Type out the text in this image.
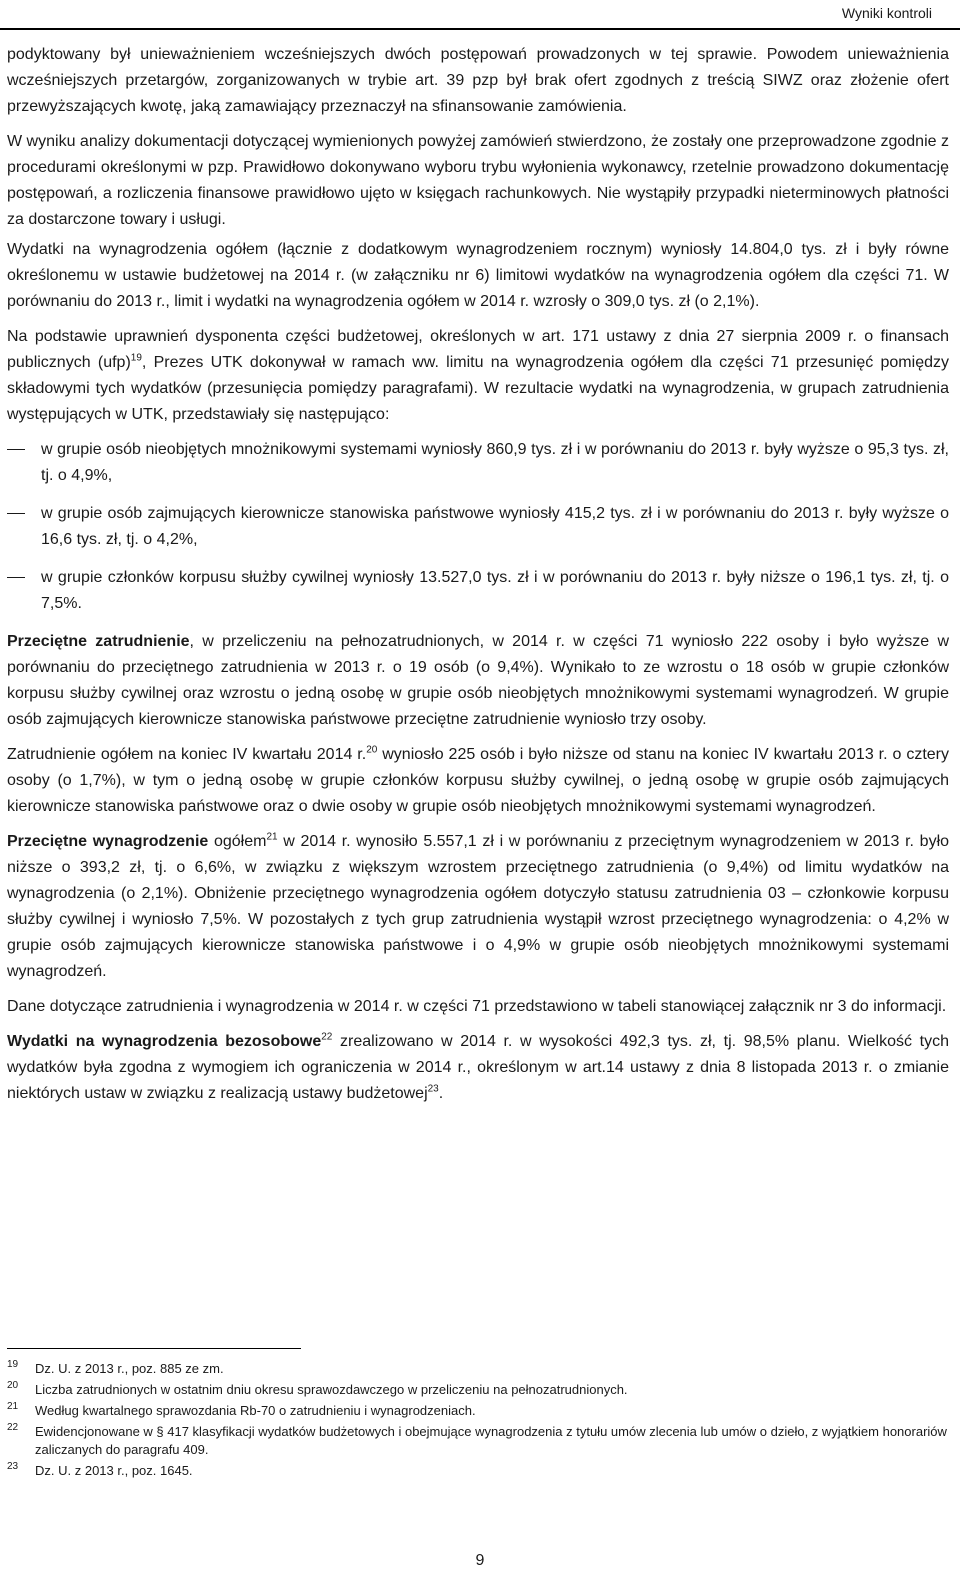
Wyniki kontroli

podyktowany był unieważnieniem wcześniejszych dwóch postępowań prowadzonych w tej sprawie. Powodem unieważnienia wcześniejszych przetargów, zorganizowanych w trybie art. 39 pzp był brak ofert zgodnych z treścią SIWZ oraz złożenie ofert przewyższających kwotę, jaką zamawiający przeznaczył na sfinansowanie zamówienia.

W wyniku analizy dokumentacji dotyczącej wymienionych powyżej zamówień stwierdzono, że zostały one przeprowadzone zgodnie z procedurami określonymi w pzp. Prawidłowo dokonywano wyboru trybu wyłonienia wykonawcy, rzetelnie prowadzono dokumentację postępowań, a rozliczenia finansowe prawidłowo ujęto w księgach rachunkowych. Nie wystąpiły przypadki nieterminowych płatności za dostarczone towary i usługi.

Wydatki na wynagrodzenia ogółem (łącznie z dodatkowym wynagrodzeniem rocznym) wyniosły 14.804,0 tys. zł i były równe określonemu w ustawie budżetowej na 2014 r. (w załączniku nr 6) limitowi wydatków na wynagrodzenia ogółem dla części 71. W porównaniu do 2013 r., limit i wydatki na wynagrodzenia ogółem w 2014 r. wzrosły o 309,0 tys. zł (o 2,1%).

Na podstawie uprawnień dysponenta części budżetowej, określonych w art. 171 ustawy z dnia 27 sierpnia 2009 r. o finansach publicznych (ufp)$^{19}$, Prezes UTK dokonywał w ramach ww. limitu na wynagrodzenia ogółem dla części 71 przesunięć pomiędzy składowymi tych wydatków (przesunięcia pomiędzy paragrafami). W rezultacie wydatki na wynagrodzenia, w grupach zatrudnienia występujących w UTK, przedstawiały się następująco:

w grupie osób nieobjętych mnożnikowymi systemami wyniosły 860,9 tys. zł i w porównaniu do 2013 r. były wyższe o 95,3 tys. zł, tj. o 4,9%,
w grupie osób zajmujących kierownicze stanowiska państwowe wyniosły 415,2 tys. zł i w porównaniu do 2013 r. były wyższe o 16,6 tys. zł, tj. o 4,2%,
w grupie członków korpusu służby cywilnej wyniosły 13.527,0 tys. zł i w porównaniu do 2013 r. były niższe o 196,1 tys. zł, tj. o 7,5%.

Przeciętne zatrudnienie, w przeliczeniu na pełnozatrudnionych, w 2014 r. w części 71 wyniosło 222 osoby i było wyższe w porównaniu do przeciętnego zatrudnienia w 2013 r. o 19 osób (o 9,4%). Wynikało to ze wzrostu o 18 osób w grupie członków korpusu służby cywilnej oraz wzrostu o jedną osobę w grupie osób nieobjętych mnożnikowymi systemami wynagrodzeń. W grupie osób zajmujących kierownicze stanowiska państwowe przeciętne zatrudnienie wyniosło trzy osoby.

Zatrudnienie ogółem na koniec IV kwartału 2014 r.$^{20}$ wyniosło 225 osób i było niższe od stanu na koniec IV kwartału 2013 r. o cztery osoby (o 1,7%), w tym o jedną osobę w grupie członków korpusu służby cywilnej, o jedną osobę w grupie osób zajmujących kierownicze stanowiska państwowe oraz o dwie osoby w grupie osób nieobjętych mnożnikowymi systemami wynagrodzeń.

Przeciętne wynagrodzenie ogółem$^{21}$ w 2014 r. wynosiło 5.557,1 zł i w porównaniu z przeciętnym wynagrodzeniem w 2013 r. było niższe o 393,2 zł, tj. o 6,6%, w związku z większym wzrostem przeciętnego zatrudnienia (o 9,4%) od limitu wydatków na wynagrodzenia (o 2,1%). Obniżenie przeciętnego wynagrodzenia ogółem dotyczyło statusu zatrudnienia 03 – członkowie korpusu służby cywilnej i wyniosło 7,5%. W pozostałych z tych grup zatrudnienia wystąpił wzrost przeciętnego wynagrodzenia: o 4,2% w grupie osób zajmujących kierownicze stanowiska państwowe i o 4,9% w grupie osób nieobjętych mnożnikowymi systemami wynagrodzeń.

Dane dotyczące zatrudnienia i wynagrodzenia w 2014 r. w części 71 przedstawiono w tabeli stanowiącej załącznik nr 3 do informacji.

Wydatki na wynagrodzenia bezosobowe$^{22}$ zrealizowano w 2014 r. w wysokości 492,3 tys. zł, tj. 98,5% planu. Wielkość tych wydatków była zgodna z wymogiem ich ograniczenia w 2014 r., określonym w art.14 ustawy z dnia 8 listopada 2013 r. o zmianie niektórych ustaw w związku z realizacją ustawy budżetowej$^{23}$.

19 Dz. U. z 2013 r., poz. 885 ze zm.
20 Liczba zatrudnionych w ostatnim dniu okresu sprawozdawczego w przeliczeniu na pełnozatrudnionych.
21 Według kwartalnego sprawozdania Rb-70 o zatrudnieniu i wynagrodzeniach.
22 Ewidencjonowane w § 417 klasyfikacji wydatków budżetowych i obejmujące wynagrodzenia z tytułu umów zlecenia lub umów o dzieło, z wyjątkiem honorariów zaliczanych do paragrafu 409.
23 Dz. U. z 2013 r., poz. 1645.
9
